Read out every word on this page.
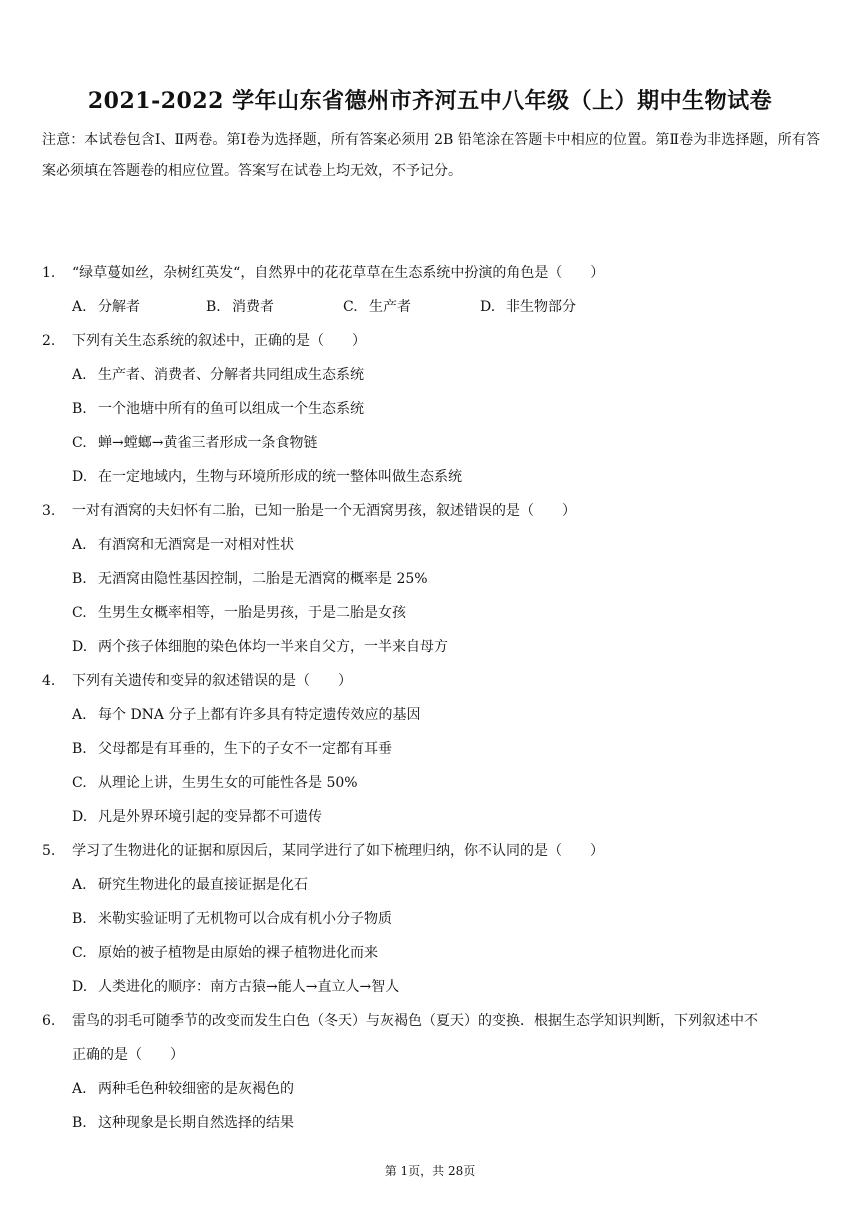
2021-2022 学年山东省德州市齐河五中八年级（上）期中生物试卷
注意：本试卷包含Ⅰ、Ⅱ两卷。第Ⅰ卷为选择题，所有答案必须用 2B 铅笔涂在答题卡中相应的位置。第Ⅱ卷为非选择题，所有答案必须填在答题卷的相应位置。答案写在试卷上均无效，不予记分。
1. “绿草蔓如丝，杂树红英发“，自然界中的花花草草在生态系统中扮演的角色是（　　）
A. 分解者	B. 消费者	C. 生产者	D. 非生物部分
2. 下列有关生态系统的叙述中，正确的是（　　）
A. 生产者、消费者、分解者共同组成生态系统
B. 一个池塘中所有的鱼可以组成一个生态系统
C. 蝉→螳螂→黄雀三者形成一条食物链
D. 在一定地域内，生物与环境所形成的统一整体叫做生态系统
3. 一对有酒窝的夫妇怀有二胎，已知一胎是一个无酒窝男孩，叙述错误的是（　　）
A. 有酒窝和无酒窝是一对相对性状
B. 无酒窝由隐性基因控制，二胎是无酒窝的概率是 25%
C. 生男生女概率相等，一胎是男孩，于是二胎是女孩
D. 两个孩子体细胞的染色体均一半来自父方，一半来自母方
4. 下列有关遗传和变异的叙述错误的是（　　）
A. 每个 DNA 分子上都有许多具有特定遗传效应的基因
B. 父母都是有耳垂的，生下的子女不一定都有耳垂
C. 从理论上讲，生男生女的可能性各是 50%
D. 凡是外界环境引起的变异都不可遗传
5. 学习了生物进化的证据和原因后，某同学进行了如下梳理归纳，你不认同的是（　　）
A. 研究生物进化的最直接证据是化石
B. 米勒实验证明了无机物可以合成有机小分子物质
C. 原始的被子植物是由原始的裸子植物进化而来
D. 人类进化的顺序：南方古猿→能人→直立人→智人
6. 雷鸟的羽毛可随季节的改变而发生白色（冬天）与灰褐色（夏天）的变换．根据生态学知识判断，下列叙述中不
正确的是（　　）
A. 两种毛色种较细密的是灰褐色的
B. 这种现象是长期自然选择的结果
第 1页，共 28页
